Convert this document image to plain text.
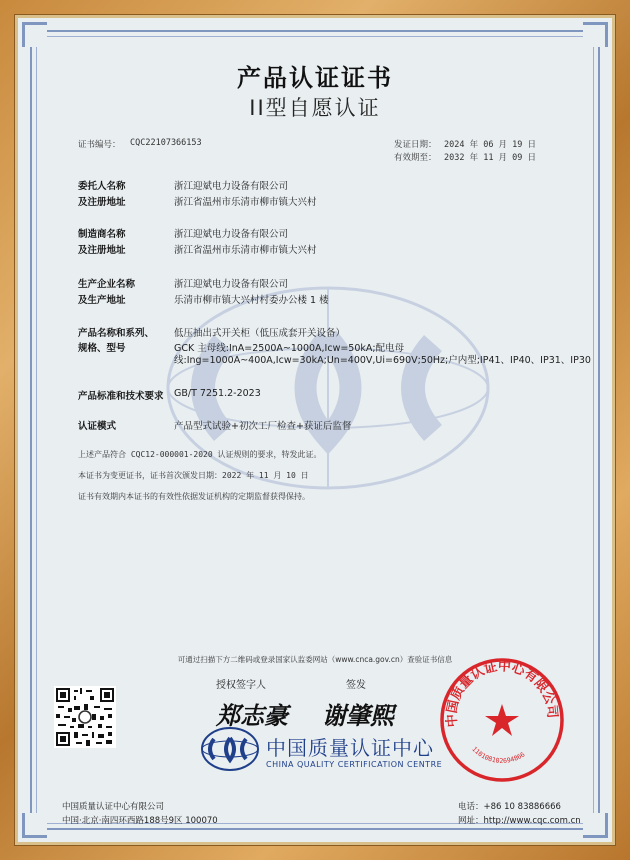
产品认证证书
II型自愿认证
证书编号： CQC22107366153	发证日期： 2024 年 06 月 19 日
有效期至： 2032 年 11 月 09 日
委托人名称	浙江迎斌电力设备有限公司
及注册地址	浙江省温州市乐清市柳市镇大兴村
制造商名称	浙江迎斌电力设备有限公司
及注册地址	浙江省温州市乐清市柳市镇大兴村
生产企业名称	浙江迎斌电力设备有限公司
及生产地址	乐清市柳市镇大兴村村委办公楼 1 楼
产品名称和系列、
规格、型号
低压抽出式开关柜（低压成套开关设备）
GCK 主母线:InA=2500A~1000A,Icw=50kA;配电母
线:Ing=1000A~400A,Icw=30kA;Un=400V,Ui=690V;50Hz;户内型;IP41、IP40、IP31、IP30
产品标准和技术要求 GB/T 7251.2-2023
认证模式	产品型式试验+初次工厂检查+获证后监督
上述产品符合 CQC12-000001-2020 认证规则的要求，特发此证。
本证书为变更证书，证书首次颁发日期：2022 年 11 月 10 日
证书有效期内本证书的有效性依据发证机构的定期监督获得保持。
可通过扫描下方二维码或登录国家认监委网站（www.cnca.gov.cn）查验证书信息
授权签字人	签发
郑志豪 谢肇熙
中国质量认证中心
CHINA QUALITY CERTIFICATION CENTRE
中国质量认证中心有限公司
110108102694866
中国质量认证中心有限公司
中国·北京·南四环西路188号9区 100070
电话：+86 10 83886666
网址：http://www.cqc.com.cn
